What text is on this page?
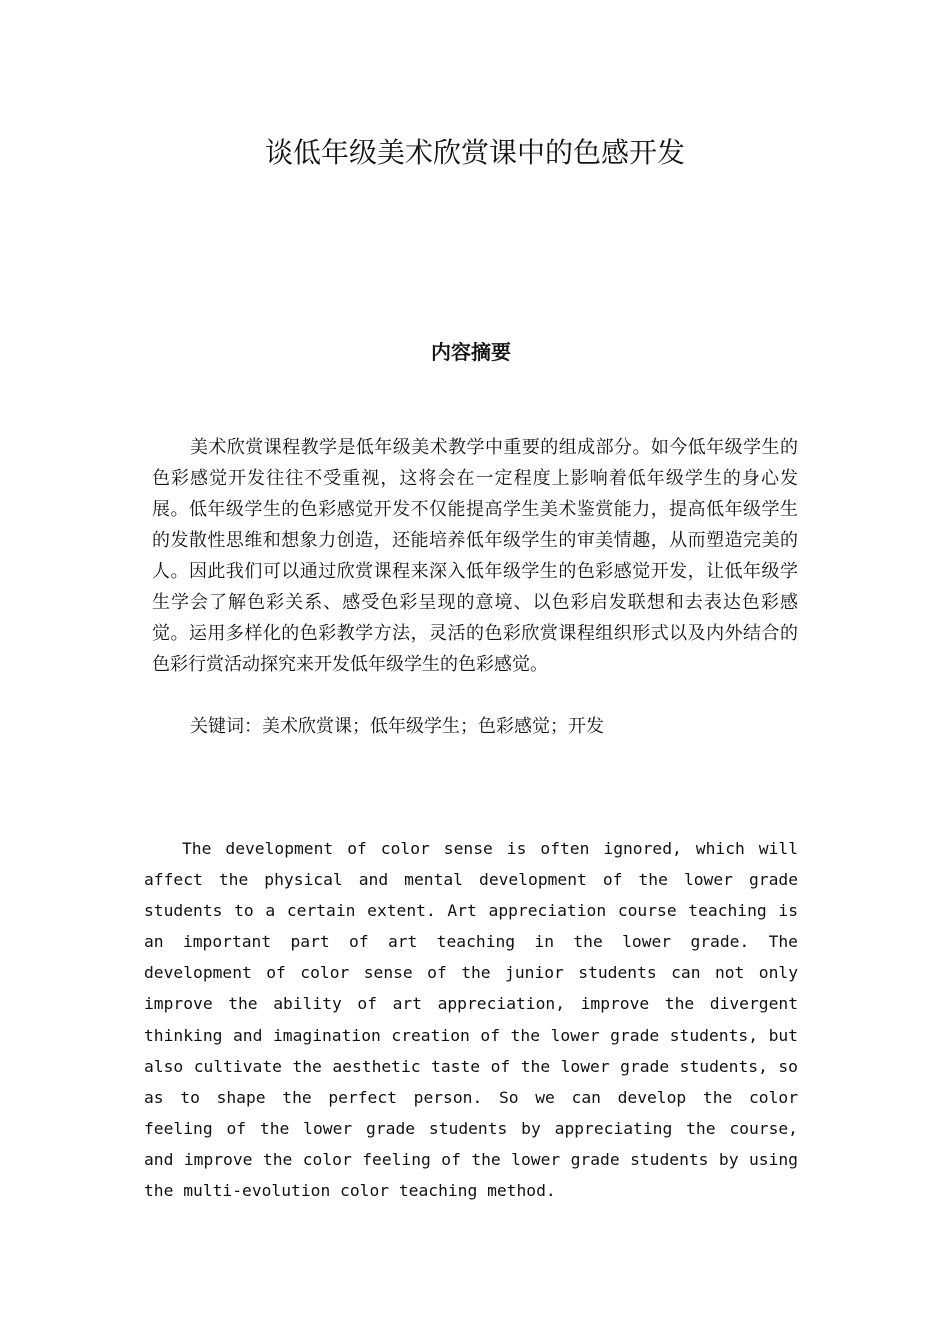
谈低年级美术欣赏课中的色感开发
内容摘要

美术欣赏课程教学是低年级美术教学中重要的组成部分。如今低年级学生的色彩感觉开发往往不受重视，这将会在一定程度上影响着低年级学生的身心发展。低年级学生的色彩感觉开发不仅能提高学生美术鉴赏能力，提高低年级学生的发散性思维和想象力创造，还能培养低年级学生的审美情趣，从而塑造完美的人。因此我们可以通过欣赏课程来深入低年级学生的色彩感觉开发，让低年级学生学会了解色彩关系、感受色彩呈现的意境、以色彩启发联想和去表达色彩感觉。运用多样化的色彩教学方法，灵活的色彩欣赏课程组织形式以及内外结合的色彩行赏活动探究来开发低年级学生的色彩感觉。

关键词：美术欣赏课；低年级学生；色彩感觉；开发

The development of color sense is often ignored, which will affect the physical and mental development of the lower grade students to a certain extent. Art appreciation course teaching is an important part of art teaching in the lower grade. The development of color sense of the junior students can not only improve the ability of art appreciation, improve the divergent thinking and imagination creation of the lower grade students, but also cultivate the aesthetic taste of the lower grade students, so as to shape the perfect person. So we can develop the color feeling of the lower grade students by appreciating the course, and improve the color feeling of the lower grade students by using the multi-evolution color teaching method.
